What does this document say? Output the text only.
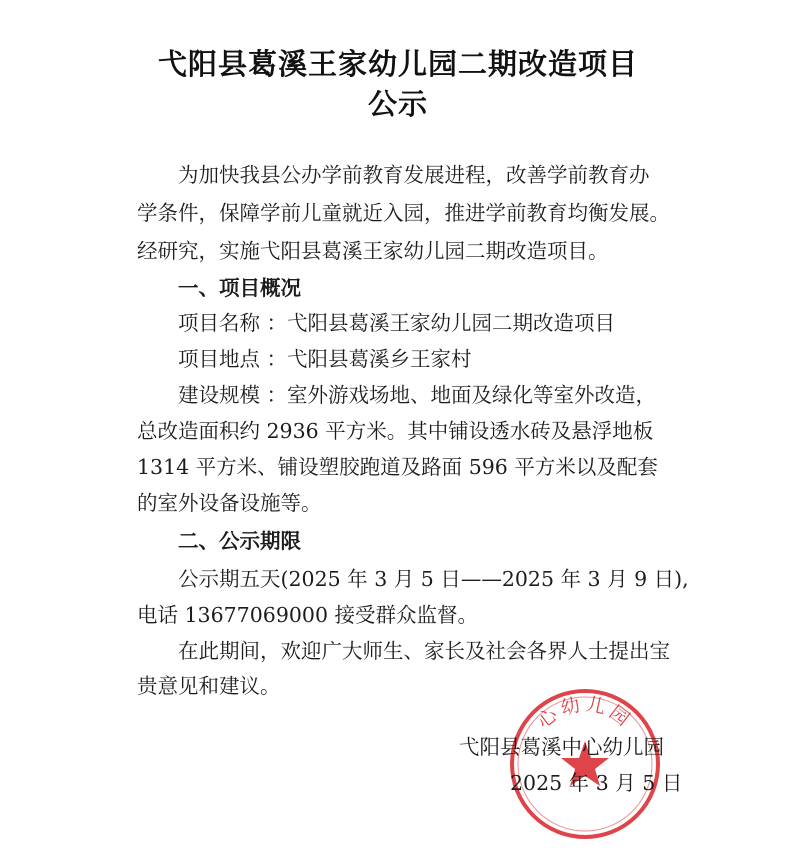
弋阳县葛溪王家幼儿园二期改造项目
公示
为加快我县公办学前教育发展进程，改善学前教育办
学条件，保障学前儿童就近入园，推进学前教育均衡发展。
经研究，实施弋阳县葛溪王家幼儿园二期改造项目。
一、项目概况
项目名称 ：弋阳县葛溪王家幼儿园二期改造项目
项目地点 ：弋阳县葛溪乡王家村
建设规模 ：室外游戏场地、地面及绿化等室外改造，
总改造面积约 2936 平方米。其中铺设透水砖及悬浮地板
1314 平方米、铺设塑胶跑道及路面 596 平方米以及配套
的室外设备设施等。
二、公示期限
公示期五天(2025 年 3 月 5 日——2025 年 3 月 9 日),
电话 13677069000 接受群众监督。
在此期间，欢迎广大师生、家长及社会各界人士提出宝
贵意见和建议。
心幼儿园
弋阳县葛溪中心幼儿园
2025 年 3 月 5 日
